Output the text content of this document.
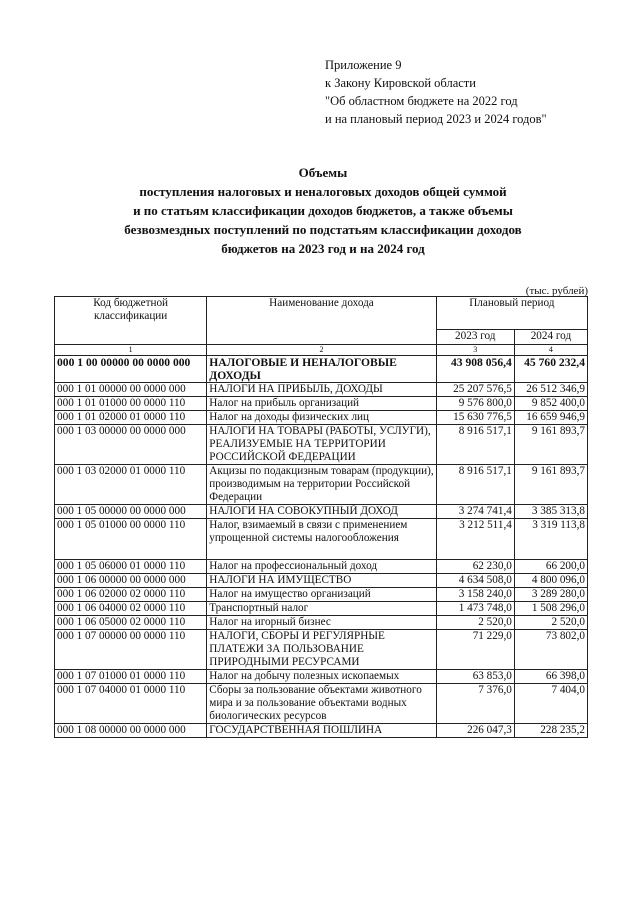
Приложение 9
к Закону Кировской области
"Об областном бюджете на 2022 год
и на плановый период 2023 и 2024 годов"
Объемы
поступления налоговых и неналоговых доходов общей суммой
и по статьям классификации доходов бюджетов, а также объемы
безвозмездных поступлений по подстатьям классификации доходов
бюджетов на 2023 год и на 2024 год
(тыс. рублей)
Код бюджетной классификации	Наименование дохода	Плановый период	
		2023 год	2024 год
1	2	3	4
000 1 00 00000 00 0000 000	НАЛОГОВЫЕ И НЕНАЛОГОВЫЕ ДОХОДЫ	43 908 056,4	45 760 232,4
000 1 01 00000 00 0000 000	НАЛОГИ НА ПРИБЫЛЬ, ДОХОДЫ	25 207 576,5	26 512 346,9
000 1 01 01000 00 0000 110	Налог на прибыль организаций	9 576 800,0	9 852 400,0
000 1 01 02000 01 0000 110	Налог на доходы физических лиц	15 630 776,5	16 659 946,9
000 1 03 00000 00 0000 000	НАЛОГИ НА ТОВАРЫ (РАБОТЫ, УСЛУГИ), РЕАЛИЗУЕМЫЕ НА ТЕРРИТОРИИ РОССИЙСКОЙ ФЕДЕРАЦИИ	8 916 517,1	9 161 893,7
000 1 03 02000 01 0000 110	Акцизы по подакцизным товарам (продукции), производимым на территории Российской Федерации	8 916 517,1	9 161 893,7
000 1 05 00000 00 0000 000	НАЛОГИ НА СОВОКУПНЫЙ ДОХОД	3 274 741,4	3 385 313,8
000 1 05 01000 00 0000 110	Налог, взимаемый в связи с применением упрощенной системы налогообложения	3 212 511,4	3 319 113,8
000 1 05 06000 01 0000 110	Налог на профессиональный доход	62 230,0	66 200,0
000 1 06 00000 00 0000 000	НАЛОГИ НА ИМУЩЕСТВО	4 634 508,0	4 800 096,0
000 1 06 02000 02 0000 110	Налог на имущество организаций	3 158 240,0	3 289 280,0
000 1 06 04000 02 0000 110	Транспортный налог	1 473 748,0	1 508 296,0
000 1 06 05000 02 0000 110	Налог на игорный бизнес	2 520,0	2 520,0
000 1 07 00000 00 0000 110	НАЛОГИ, СБОРЫ И РЕГУЛЯРНЫЕ ПЛАТЕЖИ ЗА ПОЛЬЗОВАНИЕ ПРИРОДНЫМИ РЕСУРСАМИ	71 229,0	73 802,0
000 1 07 01000 01 0000 110	Налог на добычу полезных ископаемых	63 853,0	66 398,0
000 1 07 04000 01 0000 110	Сборы за пользование объектами животного мира и за пользование объектами водных биологических ресурсов	7 376,0	7 404,0
000 1 08 00000 00 0000 000	ГОСУДАРСТВЕННАЯ ПОШЛИНА	226 047,3	228 235,2
